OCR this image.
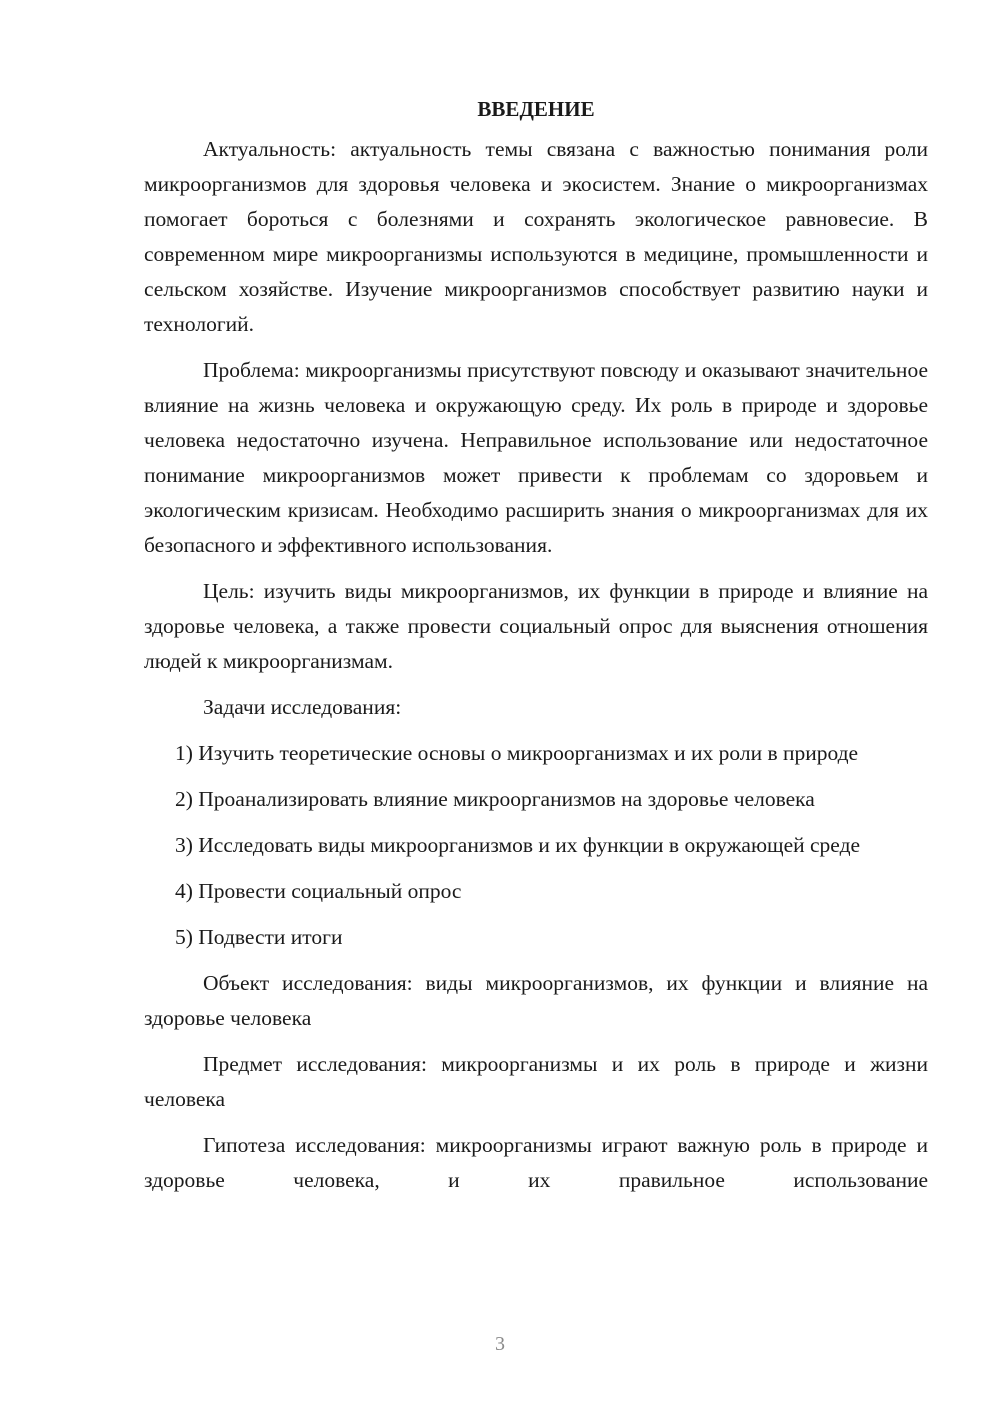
ВВЕДЕНИЕ

Актуальность: актуальность темы связана с важностью понимания роли микроорганизмов для здоровья человека и экосистем. Знание о микроорганизмах помогает бороться с болезнями и сохранять экологическое равновесие. В современном мире микроорганизмы используются в медицине, промышленности и сельском хозяйстве. Изучение микроорганизмов способствует развитию науки и технологий.

Проблема: микроорганизмы присутствуют повсюду и оказывают значительное влияние на жизнь человека и окружающую среду. Их роль в природе и здоровье человека недостаточно изучена. Неправильное использование или недостаточное понимание микроорганизмов может привести к проблемам со здоровьем и экологическим кризисам. Необходимо расширить знания о микроорганизмах для их безопасного и эффективного использования.

Цель: изучить виды микроорганизмов, их функции в природе и влияние на здоровье человека, а также провести социальный опрос для выяснения отношения людей к микроорганизмам.

Задачи исследования:

1) Изучить теоретические основы о микроорганизмах и их роли в природе

2) Проанализировать влияние микроорганизмов на здоровье человека

3) Исследовать виды микроорганизмов и их функции в окружающей среде

4) Провести социальный опрос

5) Подвести итоги

Объект исследования: виды микроорганизмов, их функции и влияние на здоровье человека

Предмет исследования: микроорганизмы и их роль в природе и жизни человека

Гипотеза исследования: микроорганизмы играют важную роль в природе и здоровье человека, и их правильное использование

3
